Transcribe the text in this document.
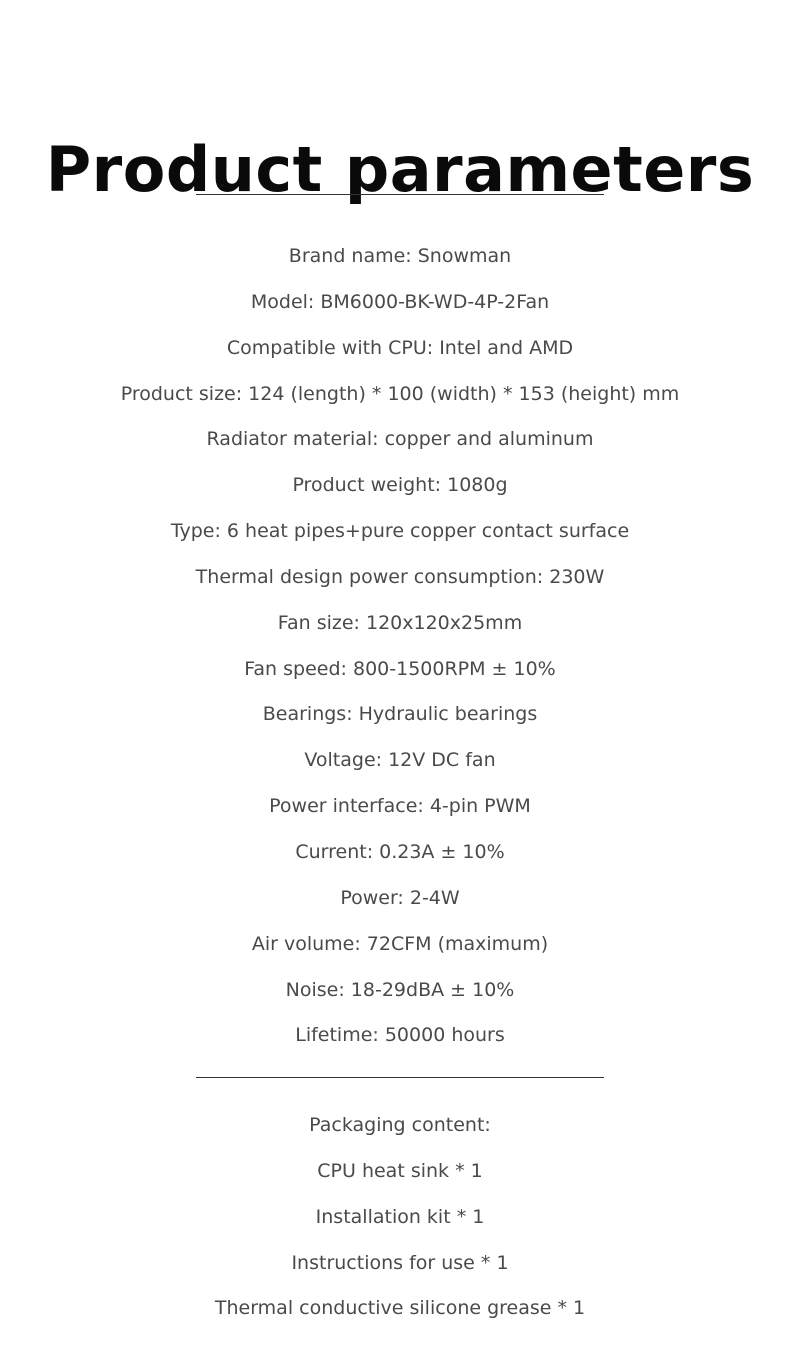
Product parameters
Brand name: Snowman
Model: BM6000-BK-WD-4P-2Fan
Compatible with CPU: Intel and AMD
Product size: 124 (length) * 100 (width) * 153 (height) mm
Radiator material: copper and aluminum
Product weight: 1080g
Type: 6 heat pipes+pure copper contact surface
Thermal design power consumption: 230W
Fan size: 120x120x25mm
Fan speed: 800-1500RPM ± 10%
Bearings: Hydraulic bearings
Voltage: 12V DC fan
Power interface: 4-pin PWM
Current: 0.23A ± 10%
Power: 2-4W
Air volume: 72CFM (maximum)
Noise: 18-29dBA ± 10%
Lifetime: 50000 hours
Packaging content:
CPU heat sink * 1
Installation kit * 1
Instructions for use * 1
Thermal conductive silicone grease * 1
